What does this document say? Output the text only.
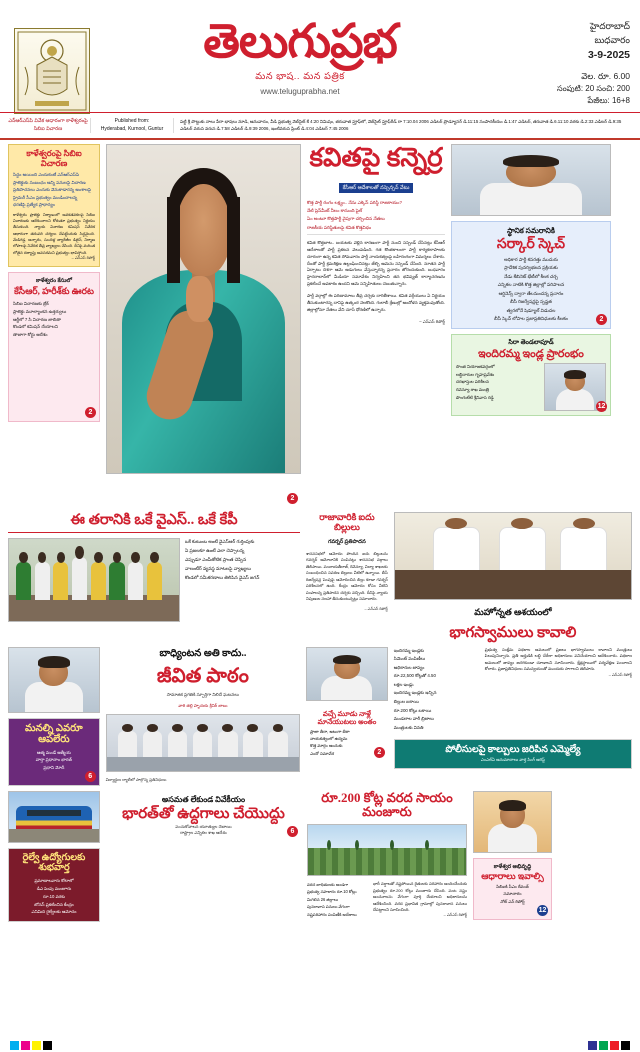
తెలుగుప్రభ
మన భాష.. మన పత్రిక
www.teluguprabha.net
హైదరాబాద్
బుధవారం
3-9-2025
వెల. రూ. 6.00
సంపుటి: 20 సంచి: 200
పేజీలు: 16+8
ఎన్‌ఆర్‌ఎస్‌పి వివేక ఆధారంగా కాళేశ్వరంపై సిబిఐ విచారణ
Published from:
Hyderabad, Kurnool, Guntur
పట్టి శ్రీ పొట్టుకు నాలు పేరా భాషలు నూడి, అనువాదం, వీడి ప్రభుత్వ వెబ్‌సైట్ కే 4:20 నిమిషం, తరువాత ప్రూఫ్‌లో, వెబ్‌సైట్ ప్రూఫ్‌రీడ్ రా 7:10.04 2006 ఎడిటర్ ప్రొడ్యూసర్ డి.11:15 సంపాదకీయం డి.1:47 ఎడిటర్, తరువాత డి.6.11:10 వరకు డి.2:33 ఎడిటర్ డి.9:35 ఎడిటర్ వరుస వరుస డి.7:58 ఎడిటర్ డి.9:39 2006, ఇంటివరుస ప్రింట్ డి.4:04 ఎడిటర్ 7:45 2006
కాళేశ్వరంపై సిబిఐ విచారణ
సిద్ధం అయింది ఎందుకంటే ఎన్‌ఆర్‌ఎస్‌పి
ప్రాజెక్టుకు సంబంధం అన్ని పనులపై విచారణ
ప్రతిపాదనలు ఎందుకు వెనుకాడారన్న అంశాలపై
ప్రైమరీ సీఎం ప్రభుత్వం మండించాలన్న
ధరణిపై ప్రత్యేక ప్రాధాన్యం
కాళేశ్వరం ప్రాజెక్టు నిర్మాణంలో అవకతవకలపై సిబిఐ విచారణకు ఆదేశించాలని కోరుతూ ప్రభుత్వం నిర్ణయం తీసుకుంది. న్యాయ విచారణ కమిషన్ నివేదిక ఆధారంగా తదుపరి చర్యలు చేపట్టేందుకు సిద్ధమైంది. మేడిగడ్డ, అన్నారం, సుందిళ్ల బ్యారేజీల డిజైన్, నిర్మాణ లోపాలపై నివేదిక తీవ్ర వ్యాఖ్యలు చేసింది. దీనిపై మరింత లోతైన దర్యాప్తు అవసరమని ప్రభుత్వం భావిస్తోంది.
– ఎన్‌ఎస్ రిపోర్ట్
కాళేశ్వరం కేసులో
కేసీఆర్, హరీశ్‌కు ఊరట
సిబిఐ విచారణకు బ్రేక్
ప్రాజెక్టు మూల్యాంకన ఉత్తర్వులు
ఆర్జీలో 7 సి విచారణ జాబితా
కొండలో కమిషన్ చేయాలని
తాజాగా కోర్టు ఆదేశం
2
2
కవితపై కన్నెర్ర
కేసీఆర్ ఆదేశాలతో నస్సెన్సన్ వేటు
కొత్త పార్టీ రంగం లక్ష్యం.. నేను ఎక్కెస్ పరిస్థి రాజకాయం?
నేటి ప్రెస్‌మీట్ నీలం కానుంది ఫైల్
ఏం అంటూ కొత్తపార్టీ వైపుగా చర్చించిన నేతలు
రాజకీయ పరిస్థితులపై కవిత కొత్తవిధం
కవిత కొత్తబాట.. బయటకు వెళ్లిన కారణంగా పార్టీ నుంచి సస్పెండ్ చేసినట్లు కేసీఆర్ ఆదేశాలతో పార్టీ ప్రకటన వెలువడింది. గత కొంతకాలంగా పార్టీ కార్యకలాపాలకు దూరంగా ఉన్న కవిత సోమవారం పార్టీ నాయకత్వంపై బహిరంగంగా విమర్శలు చేశారు. దీంతో పార్టీ క్రమశిక్షణ ఉల్లంఘించినట్లు తేల్చి ఆమెను సస్పెండ్ చేసింది. నూతన పార్టీ ఏర్పాటు దిశగా ఆమె అడుగులు వేస్తున్నారన్న ప్రచారం జోరందుకుంది. బుధవారం హైదరాబాద్‌లో మీడియా సమావేశం నిర్వహించి తన భవిష్యత్ కార్యాచరణను ప్రకటించే అవకాశం ఉందని ఆమె సన్నిహితులు చెబుతున్నారు.
పార్టీ వర్గాల్లో ఈ పరిణామాలు తీవ్ర చర్చకు దారితీశాయి. కవిత వర్గీయులు ఏ నిర్ణయం తీసుకుంటారన్న దానిపై ఉత్కంఠ నెలకొంది. గులాబీ శ్రేణుల్లో ఆందోళన వ్యక్తమవుతోంది. జిల్లాల్లోనూ నేతలు వేచి చూసే ధోరణిలో ఉన్నారు.
– ఎన్‌ఎస్‌ రిపోర్ట్
స్థానిక సమరానికి
సర్కార్ స్కెచ్
అధికార పార్టీ కసరత్తు ముదురు
ప్రాదేశిక పునర్విభజన ప్రక్రియకు
నేడు కేబినెట్ భేటీలో కీలక చర్చ
ఎన్నికల నాటికి కొత్త జిల్లాల్లో పరిపాలన
ఆర్డినెన్స్ ద్వారా తేలనుందన్న ప్రచారం
బీసీ రిజర్వేషన్లపై స్పష్టత
త్వరలోనే షెడ్యూల్ విడుదల
బీసీ స్కెచ్ లోపాల ప్రజాప్రతినిధులకు కీలకం	2
సిరా తెండలాపూడ్
ఇందిరమ్మ ఇండ్ల ప్రారంభం
సొంత నియోజకవర్గంలో
లబ్ధిదారుల గృహప్రవేశం
దరఖాస్తుల పరిశీలన
రెవెన్యూ శాఖ మంత్రి
పొంగులేటి శ్రీనివాస రెడ్డి
12
ఈ తరానికి ఒకే వైఎస్.. ఒకే కేపీ
ఒకే కుటుంబ అంటే వైఎస్‌ఆర్ గుర్తింపుకు
ఏ ప్రజలకూ ఉంటే ఎలా చెప్పాలన్న
ఎప్పుడూ ఎంపీతోటిక ప్రాంత చెప్పిన
వాలంటీర్ వ్యవస్థ మాటలపై వ్యాఖ్యలు
కొండలో సమీకరణాలు తెలిపిన వైఎస్ జగన్
రాజావారికి ఐదు బిల్లులు
గవర్నర్ ప్రతిపాదన
శాసనసభలో ఆమోదం పొందిన ఐదు బిల్లులను గవర్నర్ ఆమోదానికి పంపినట్లు శాసనసభ వర్గాలు తెలిపాయి. పంచాయతీరాజ్, రెవెన్యూ, విద్యా శాఖలకు సంబంధించిన సవరణ బిల్లులు వీటిలో ఉన్నాయి. బీసీ రిజర్వేషన్ల పెంపుపై ఆమోదించిన బిల్లు కూడా గవర్నర్ పరిశీలనలో ఉంది. కేంద్రం ఆమోదం కోసం వీటిని పంపాలన్న ప్రతిపాదన చర్చకు వచ్చింది. దీనిపై న్యాయ నిపుణుల సలహా తీసుకుంటున్నట్లు సమాచారం.
– ఎన్‌ఎస్ రిపోర్ట్	మహోన్నత ఆశయంలో
భాగస్వాములు కావాలి
మనల్ని ఎవరూ ఆపలేరు
ఆత్మ మండే ఆత్మీయ
వార్తా ప్రధానాం భారత్
ప్రధాని మోదీ
6
బాధ్యింటన అతి కాదు..
జీవిత పాఠం
సామాజిక ప్రగతికి స్ఫూర్తిగా నిలిచే ఘటనలు
వారి తల్లి హృదయ శ్రీనిర్ బాబు
విద్యార్థుల ర్యాలీలో పాల్గొన్న ప్రతినిధులు
వచ్చే మూడు నాళ్లే మానేయుటలు అంతం
ప్రాజా తీరా, అటుగా తీరా
నాయకత్వంలో ఉద్యమ
కొత్త మార్గం అందుకు
ఎందో సమావేశ	2
ఇందిరమ్మ ఇండ్లకు
సిమెంట్ పంపిణీలు
అధికారుల జాప్యం
రూ.22,500 కోట్లతో 4.50
లక్షల ఇండ్లు
ఇందిరమ్మ ఇండ్లకు ఇచ్చిన
బిల్లుల బకాయి
రూ.200 కోట్లు బకాయి
మండలాల వారీ బ్రిజాలు
మంత్రులకు వినతి
ప్రభుత్వ సంక్షేమ పథకాల అమలులో ప్రజలు భాగస్వాములు కావాలని మంత్రులు పిలుపునిచ్చారు. ప్రతి అర్హుడికి లబ్ధి చేరేలా అధికారులు పనిచేయాలని ఆదేశించారు. పథకాల అమలులో జాప్యం జరగకుండా చూడాలని సూచించారు. క్షేత్రస్థాయిలో పర్యవేక్షణ పెంచాలని కోరారు. ప్రజాప్రతినిధులు సమన్వయంతో ముందుకు సాగాలని తెలిపారు.
– ఎన్‌ఎస్ రిపోర్ట్
పోలీసులపై కాల్పులు జరిపిన ఎమ్మెల్యే
ఎంఎల్ఏ అనుమానాలు వార్త సింగ్ అరెస్ట్
రైల్వే ఉద్యోగులకు శుభవార్త
ప్రమాణాలవారు కోటాలో
డిఎ పెంపు మంజూరు
రూ.10 వరకు
బోనస్ ప్రకటించిన కేంద్రం
ఎనిమిది రైల్వేలకు ఆమోదం
అసమత లేకుండ వివేకీయం
భారత్‌తో ఉద్దగాలు చేయొద్దు
పంచుకోవాలన యూత్యుల చెబాయి
రాష్ట్రాల ఎన్నికల శాఖ ఆదేశం	6
రూ.200 కోట్ల వరద సాయం మంజూరు
వరద బాధితులకు అండగా
ప్రభుత్వ సహకారం రూ.10 కోట్లు
మిగిలిన 26 జిల్లాలు
పునరావాస పనులు వేగంగా
నష్టపరిహారం పంపిణీకి ఆదేశాలు
భారీ వర్షాలతో నష్టపోయిన రైతులకు పరిహారం అందించేందుకు ప్రభుత్వం రూ.200 కోట్లు మంజూరు చేసింది. పంట నష్టం అంచనాలను వేగంగా పూర్తి చేయాలని అధికారులను ఆదేశించింది. వరద ప్రభావిత గ్రామాల్లో పునరావాస పనులు చేపట్టాలని సూచించింది.
– ఎన్‌ఎస్ రిపోర్ట్
కాళేశ్వర అభివృద్ధి
ఆధారాలు ఇవాల్సి
సిబిఐకి సీఎం రేవంత్
సమాచారం
నోట్ ఎన్‌ రిపోర్ట్
12
